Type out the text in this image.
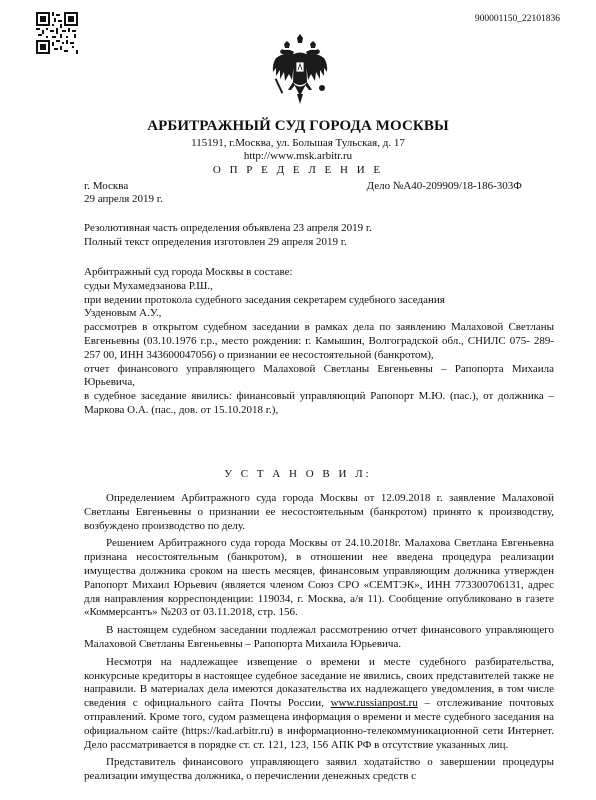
900001150_22101836
АРБИТРАЖНЫЙ СУД ГОРОДА МОСКВЫ
115191, г.Москва, ул. Большая Тульская, д. 17
http://www.msk.arbitr.ru
О П Р Е Д Е Л Е Н И Е
г. Москва	Дело №А40-209909/18-186-303Ф
29 апреля 2019 г.
Резолютивная часть определения объявлена 23 апреля 2019 г.
Полный текст определения изготовлен 29 апреля 2019 г.

Арбитражный суд города Москвы в составе:

судьи Мухамедзанова Р.Ш.,

при ведении протокола судебного заседания секретарем судебного заседания

Узденовым А.У.,

рассмотрев в открытом судебном заседании в рамках дела по заявлению Малаховой Светланы Евгеньевны (03.10.1976 г.р., место рождения: г. Камышин, Волгоградской обл., СНИЛС 075- 289-257 00, ИНН 343600047056) о признании ее несостоятельной (банкротом),

отчет финансового управляющего Малаховой Светланы Евгеньевны – Рапопорта Михаила Юрьевича,

в судебное заседание явились: финансовый управляющий Рапопорт М.Ю. (пас.), от должника – Маркова О.А. (пас., дов. от 15.10.2018 г.),

У С Т А Н О В И Л:

Определением Арбитражного суда города Москвы от 12.09.2018 г. заявление Малаховой Светланы Евгеньевны о признании ее несостоятельным (банкротом) принято к производству, возбуждено производство по делу.

Решением Арбитражного суда города Москвы от 24.10.2018г. Малахова Светлана Евгеньевна признана несостоятельным (банкротом), в отношении нее введена процедура реализации имущества должника сроком на шесть месяцев, финансовым управляющим должника утвержден Рапопорт Михаил Юрьевич (является членом Союз СРО «СЕМТЭК», ИНН 773300706131, адрес для направления корреспонденции: 119034, г. Москва, а/я 11). Сообщение опубликовано в газете «Коммерсантъ» №203 от 03.11.2018, стр. 156.

В настоящем судебном заседании подлежал рассмотрению отчет финансового управляющего Малаховой Светланы Евгеньевны – Рапопорта Михаила Юрьевича.

Несмотря на надлежащее извещение о времени и месте судебного разбирательства, конкурсные кредиторы в настоящее судебное заседание не явились, своих представителей также не направили. В материалах дела имеются доказательства их надлежащего уведомления, в том числе сведения с официального сайта Почты России, www.russianpost.ru – отслеживание почтовых отправлений. Кроме того, судом размещена информация о времени и месте судебного заседания на официальном сайте (https://kad.arbitr.ru) в информационно-телекоммуникационной сети Интернет. Дело рассматривается в порядке ст. ст. 121, 123, 156 АПК РФ в отсутствие указанных лиц.

Представитель финансового управляющего заявил ходатайство о завершении процедуры реализации имущества должника, о перечислении денежных средств с
